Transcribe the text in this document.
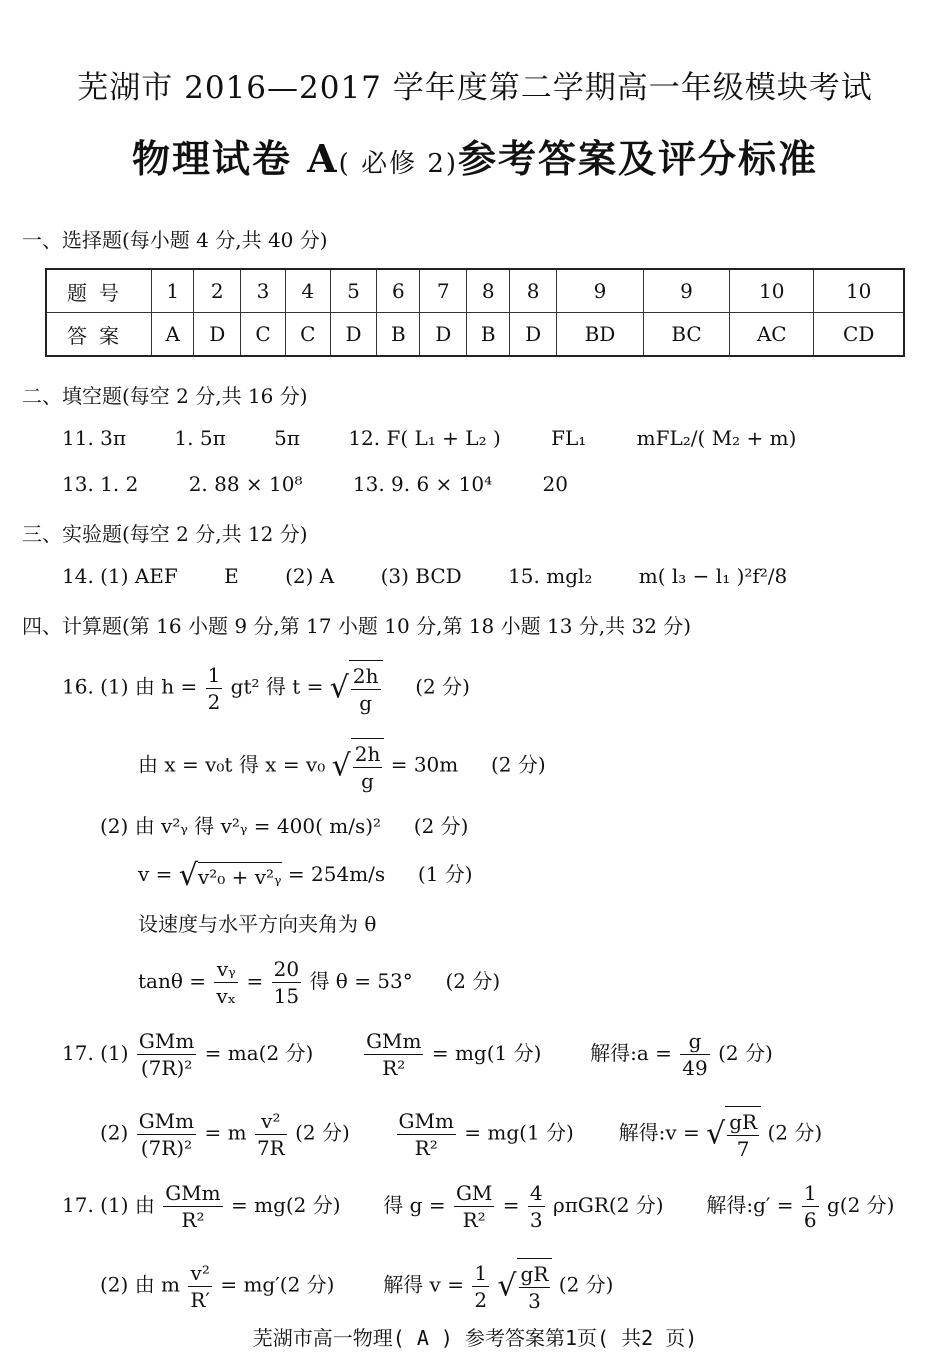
芜湖市 2016—2017 学年度第二学期高一年级模块考试
物理试卷 A( 必修 2)参考答案及评分标准
一、选择题(每小题 4 分,共 40 分)
题号	1	2	3	4	5	6	7	8	8	9	9	10	10
答案	A	D	C	C	D	B	D	B	D	BD	BC	AC	CD
二、填空题(每空 2 分,共 16 分)
11. 3π 1. 5π 5π 12. F( L₁ + L₂ )	FL₁	mFL₂/( M₂ + m)
13. 1. 2	2. 88 × 10⁸	13. 9. 6 × 10⁴	20
三、实验题(每空 2 分,共 12 分)
14. (1) AEF E (2) A (3) BCD 15. mgl₂ m( l₃ − l₁ )²f²/8
四、计算题(第 16 小题 9 分,第 17 小题 10 分,第 18 小题 13 分,共 32 分)
16. (1) 由 $h = \frac{1}{2} gt^2$ 得 t = √ $\frac{2h}{g} (2$ 分)
由 x = v₀t 得 x = v₀ √ $\frac{2h}{g} = 30m$ (2 分)
(2) 由 v²ᵧ 得 v²ᵧ = 400( m/s)² (2 分)
v = √v²₀ + v²ᵧ = 254m/s (1 分)
设速度与水平方向夹角为 θ
$\tan\theta = \frac{\text{vᵧ}}{\text{vₓ}} = \frac{20}{15}$ 得 θ = 53° (2 分)
17. $(1) \frac{\text{GMm}}{\text{(7R)²}} = ma(2$ 分)	$\frac{\text{GMm}}{\text{R²}} = mg(1$ 分) 解得:a = $\frac{g}{49} (2$ 分)
$(2) \frac{\text{GMm}}{\text{(7R)²}} = m \frac{\text{v²}}{7R} (2$ 分) $\frac{\text{GMm}}{\text{R²}} = mg(1$ 分) 解得:v = √ $\frac{gR}{7} (2$ 分)
17. (1) 由 $\frac{\text{GMm}}{\text{R²}} = mg(2$ 分) 得 $g = \frac{GM}{\text{R²}} = \frac{4}{3} \rho\pi GR(2$ 分) 解得:g′ = $\frac{1}{6} g(2$ 分)
(2) 由 m $\frac{\text{v²}}{R'} = mg'(2$ 分) 解得 $v = \frac{1}{2}$ √ $\frac{gR}{3} (2$ 分)
芜湖市高一物理( A ) 参考答案第1页( 共2 页)
